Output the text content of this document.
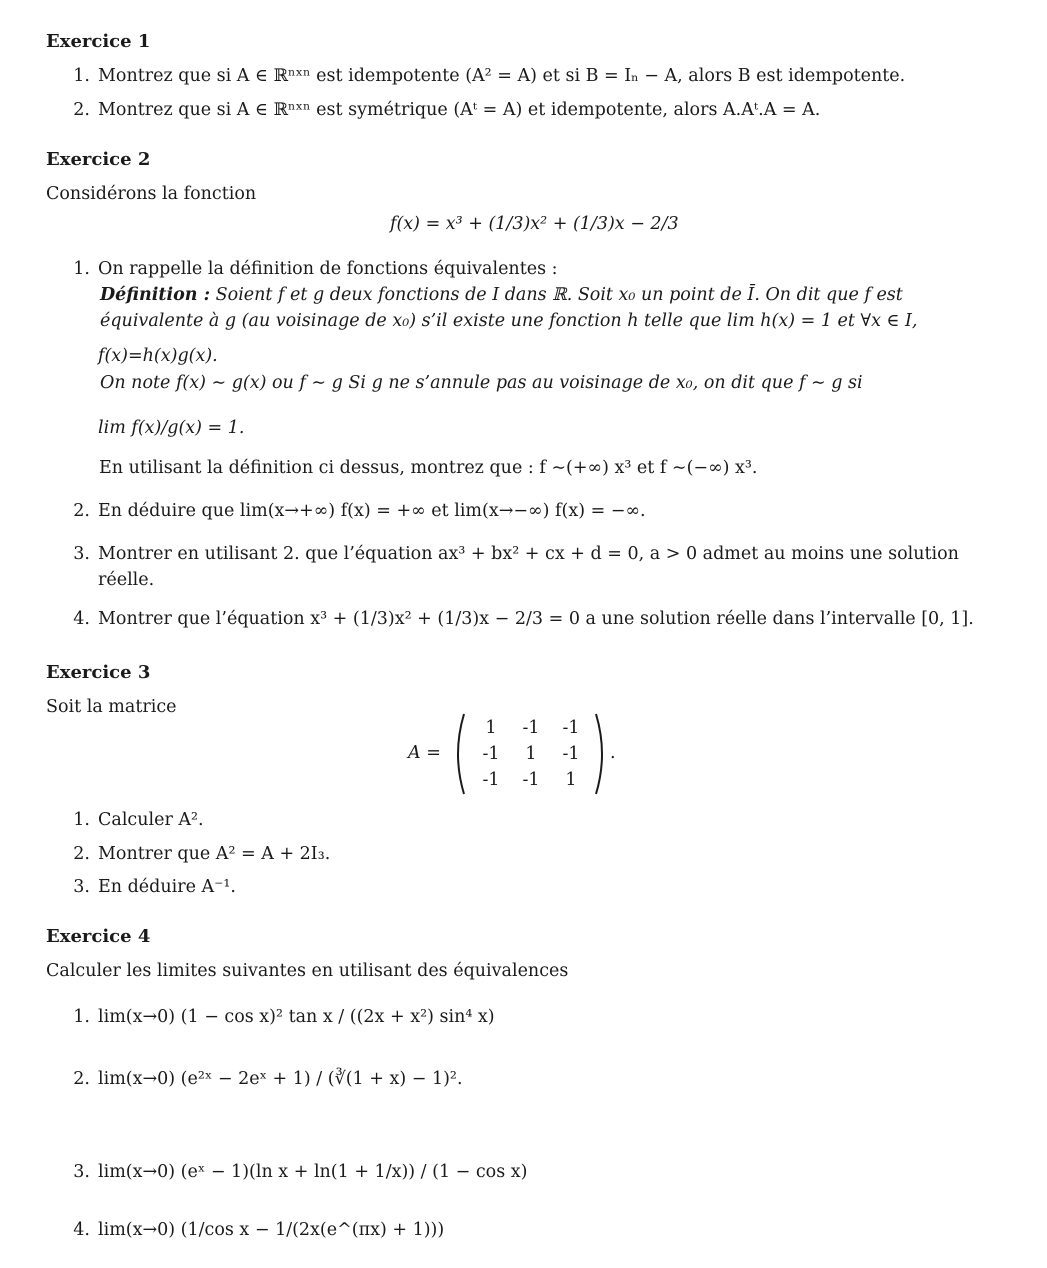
Exercice 1
1. Montrez que si A ∈ ℝⁿˣⁿ est idempotente (A² = A) et si B = Iₙ − A, alors B est idempotente.
2. Montrez que si A ∈ ℝⁿˣⁿ est symétrique (Aᵗ = A) et idempotente, alors A.Aᵗ.A = A.
Exercice 2
Considérons la fonction
f(x) = x³ + (1/3)x² + (1/3)x − 2/3
1. On rappelle la définition de fonctions équivalentes :
Définition : Soient f et g deux fonctions de I dans ℝ. Soit x₀ un point de Ī. On dit que f est
équivalente à g (au voisinage de x₀) s’il existe une fonction h telle que lim h(x) = 1 et ∀x ∈ I,
f(x)=h(x)g(x).
On note f(x) ∼ g(x) ou f ∼ g Si g ne s’annule pas au voisinage de x₀, on dit que f ∼ g si
lim f(x)/g(x) = 1.
En utilisant la définition ci dessus, montrez que : f ∼(+∞) x³ et f ∼(−∞) x³.
2. En déduire que lim(x→+∞) f(x) = +∞ et lim(x→−∞) f(x) = −∞.
3. Montrer en utilisant 2. que l’équation ax³ + bx² + cx + d = 0, a > 0 admet au moins une solution
réelle.
4. Montrer que l’équation x³ + (1/3)x² + (1/3)x − 2/3 = 0 a une solution réelle dans l’intervalle [0, 1].
Exercice 3
Soit la matrice
A =
1	-1	-1
-1	1	-1
-1	-1	1
.
1. Calculer A².
2. Montrer que A² = A + 2I₃.
3. En déduire A⁻¹.
Exercice 4
Calculer les limites suivantes en utilisant des équivalences
1. lim(x→0) (1 − cos x)² tan x / ((2x + x²) sin⁴ x)
2. lim(x→0) (e²ˣ − 2eˣ + 1) / (∛(1 + x) − 1)².
3. lim(x→0) (eˣ − 1)(ln x + ln(1 + 1/x)) / (1 − cos x)
4. lim(x→0) (1/cos x − 1/(2x(e^(πx) + 1)))
